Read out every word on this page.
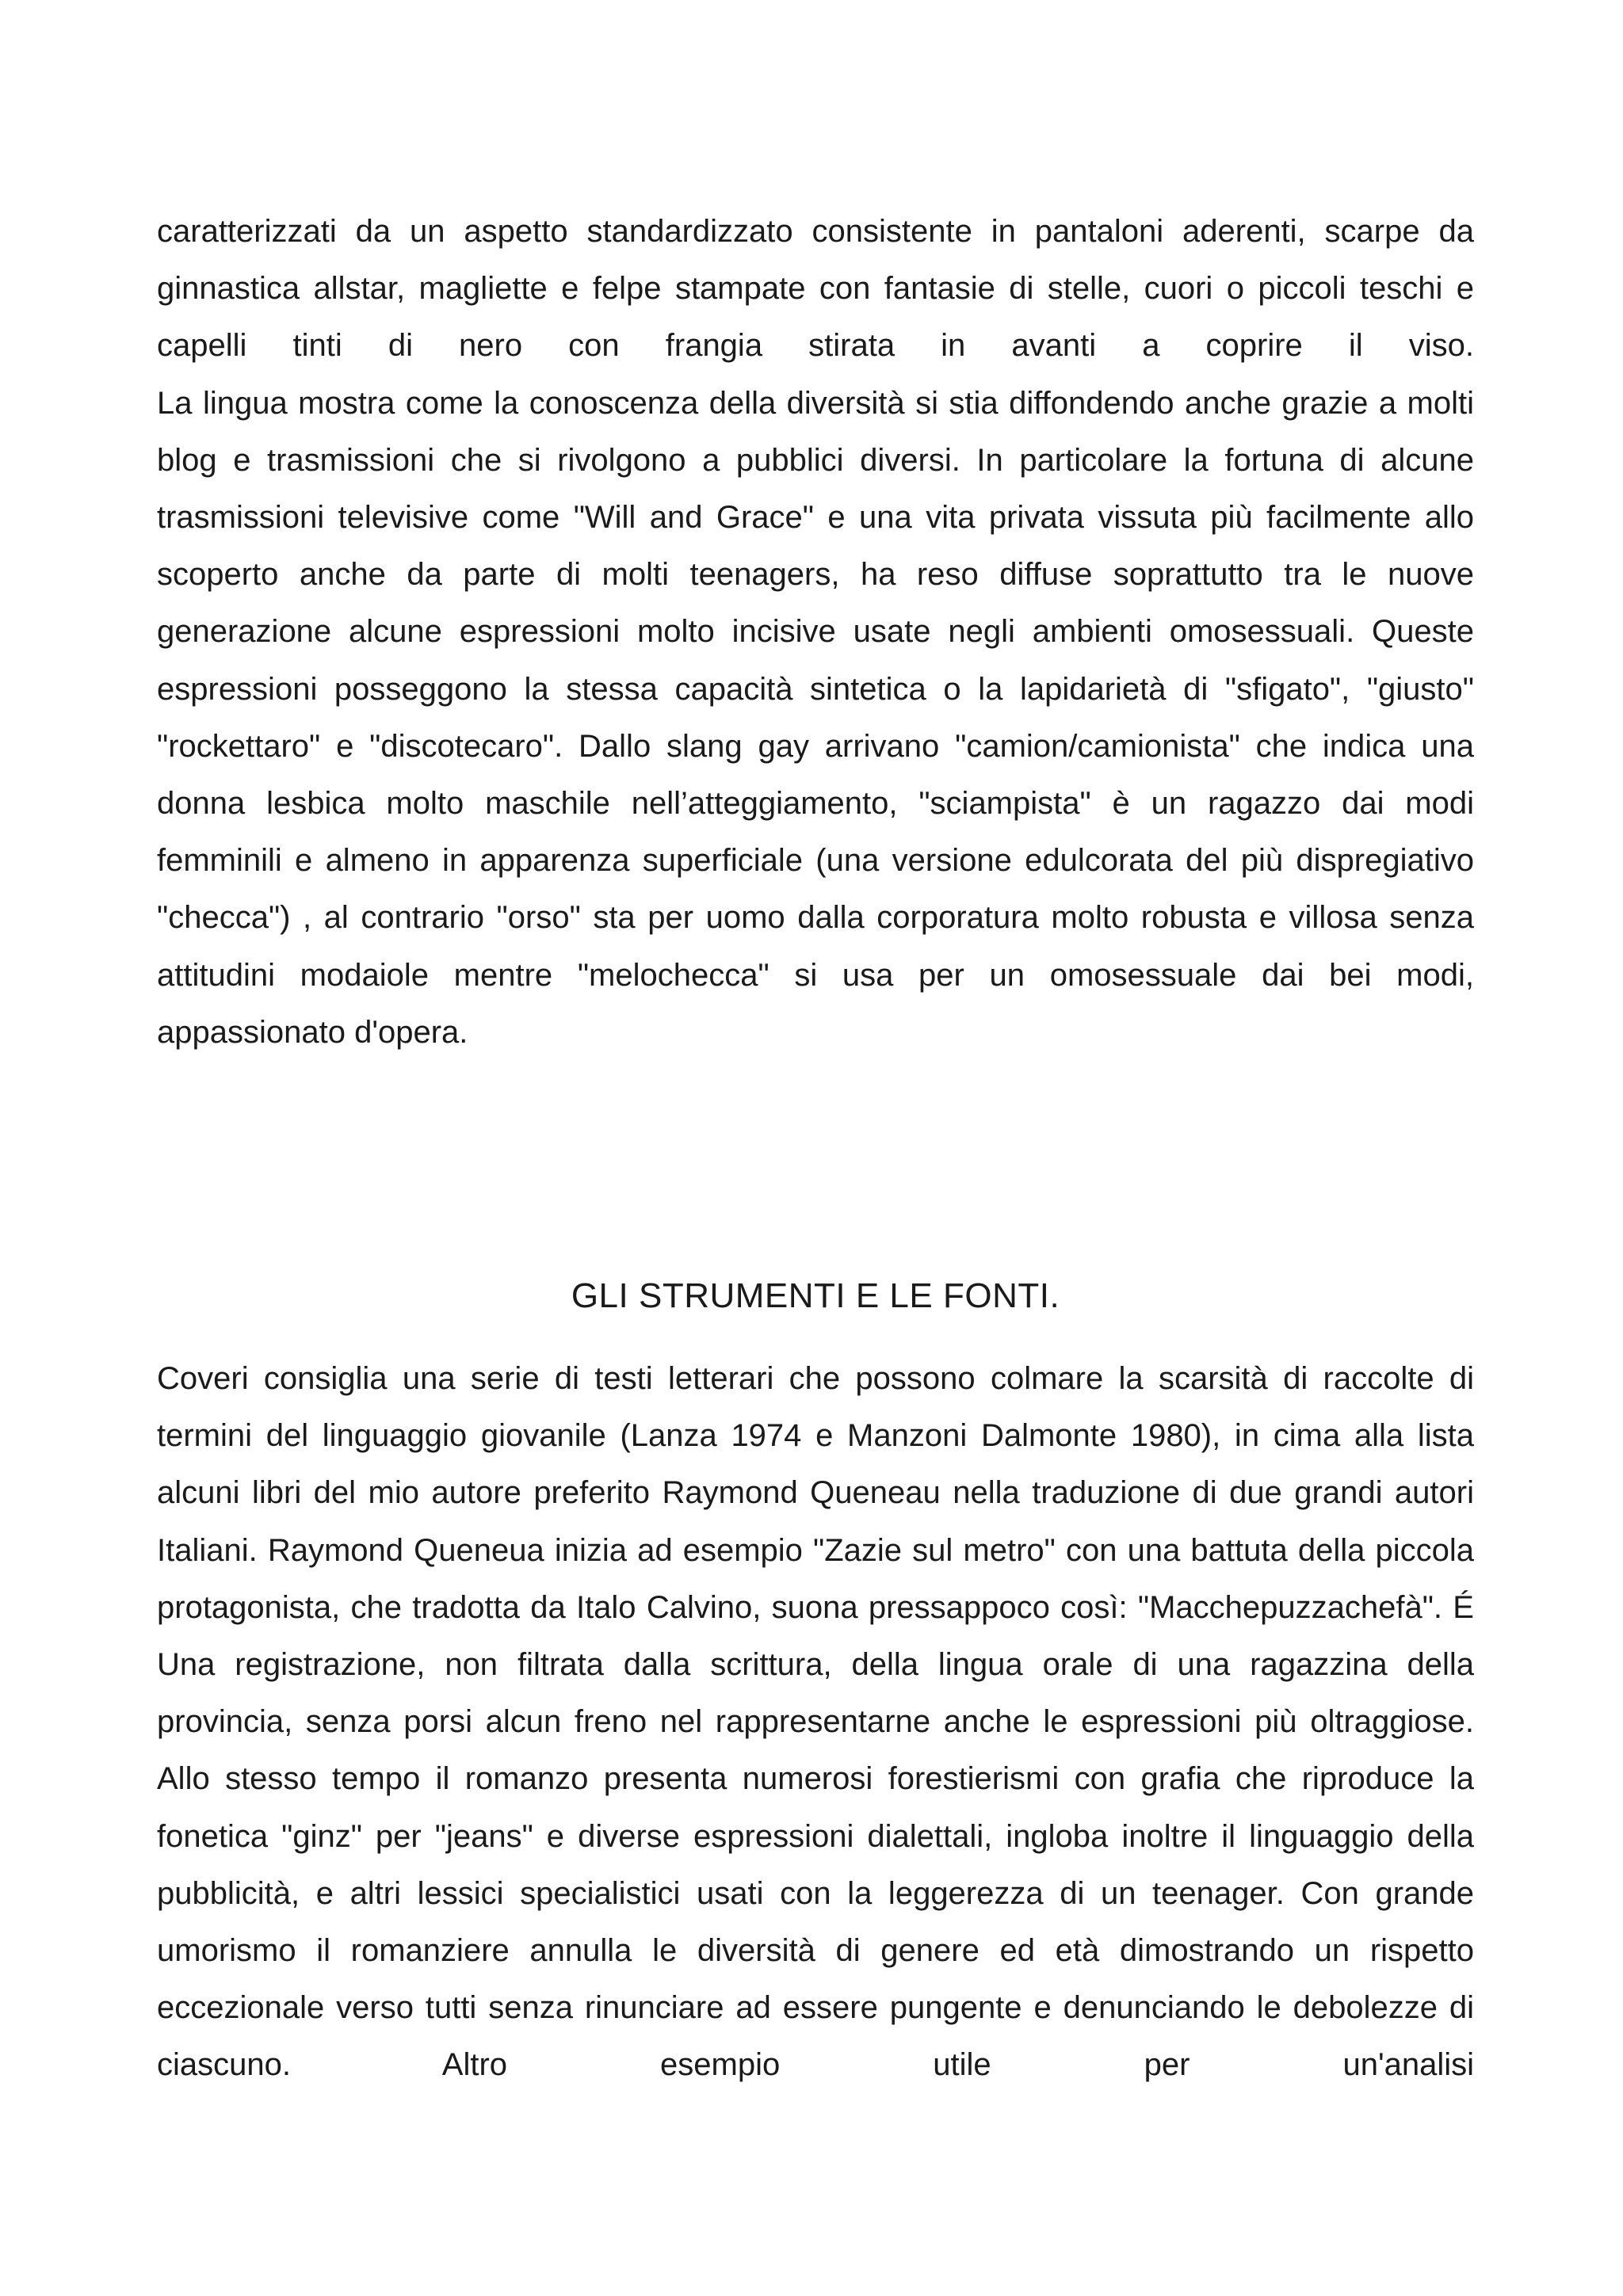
caratterizzati da un aspetto standardizzato consistente in pantaloni aderenti, scarpe da ginnastica allstar, magliette e felpe stampate con fantasie di stelle, cuori o piccoli teschi e capelli tinti di nero con frangia stirata in avanti a coprire il viso.

La lingua mostra come la conoscenza della diversità si stia diffondendo anche grazie a molti blog e trasmissioni che si rivolgono a pubblici diversi. In particolare la fortuna di alcune trasmissioni televisive come "Will and Grace" e una vita privata vissuta più facilmente allo scoperto anche da parte di molti teenagers, ha reso diffuse soprattutto tra le nuove generazione alcune espressioni molto incisive usate negli ambienti omosessuali. Queste espressioni posseggono la stessa capacità sintetica o la lapidarietà di "sfigato", "giusto" "rockettaro" e "discotecaro". Dallo slang gay arrivano "camion/camionista" che indica una donna lesbica molto maschile nell’atteggiamento, "sciampista" è un ragazzo dai modi femminili e almeno in apparenza superficiale (una versione edulcorata del più dispregiativo "checca") , al contrario "orso" sta per uomo dalla corporatura molto robusta e villosa senza attitudini modaiole mentre "melochecca" si usa per un omosessuale dai bei modi, appassionato d'opera.

GLI STRUMENTI E LE FONTI.

Coveri consiglia una serie di testi letterari che possono colmare la scarsità di raccolte di termini del linguaggio giovanile (Lanza 1974 e Manzoni Dalmonte 1980), in cima alla lista alcuni libri del mio autore preferito Raymond Queneau nella traduzione di due grandi autori Italiani. Raymond Queneua inizia ad esempio "Zazie sul metro" con una battuta della piccola protagonista, che tradotta da Italo Calvino, suona pressappoco così: "Macchepuzzachefà". É Una registrazione, non filtrata dalla scrittura, della lingua orale di una ragazzina della provincia, senza porsi alcun freno nel rappresentarne anche le espressioni più oltraggiose. Allo stesso tempo il romanzo presenta numerosi forestierismi con grafia che riproduce la fonetica "ginz" per "jeans" e diverse espressioni dialettali, ingloba inoltre il linguaggio della pubblicità, e altri lessici specialistici usati con la leggerezza di un teenager. Con grande umorismo il romanziere annulla le diversità di genere ed età dimostrando un rispetto eccezionale verso tutti senza rinunciare ad essere pungente e denunciando le debolezze di ciascuno. Altro esempio utile per un'analisi
